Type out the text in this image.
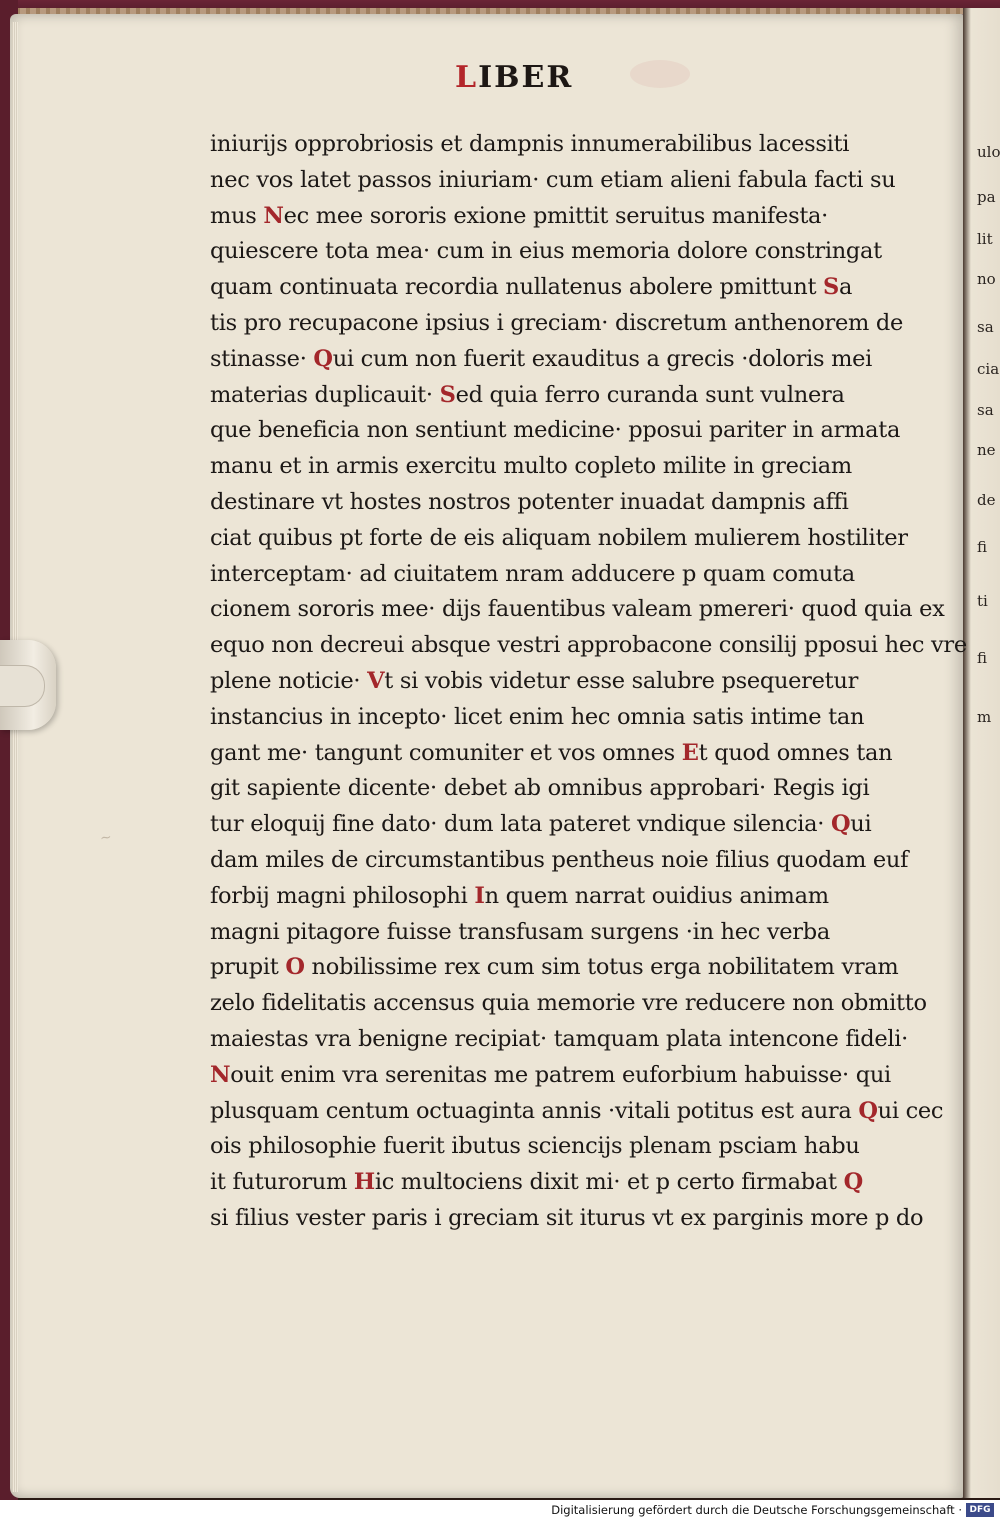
ulo
pa
lit
no
sa
cia
sa
ne
de
fi
ti
fi
m
~
LIBER
iniurijs opprobriosis et dampnis innumerabilibus lacessiti
nec vos latet passos iniuriam· cum etiam alieni fabula facti su
mus Nec mee sororis exione pmittit seruitus manifesta·
quiescere tota mea· cum in eius memoria dolore constringat
quam continuata recordia nullatenus abolere pmittunt Sa
tis pro recupacone ipsius i greciam· discretum anthenorem de
stinasse· Qui cum non fuerit exauditus a grecis ·doloris mei
materias duplicauit· Sed quia ferro curanda sunt vulnera
que beneficia non sentiunt medicine· pposui pariter in armata
manu et in armis exercitu multo copleto milite in greciam
destinare vt hostes nostros potenter inuadat dampnis affi
ciat quibus pt forte de eis aliquam nobilem mulierem hostiliter
interceptam· ad ciuitatem nram adducere p quam comuta
cionem sororis mee· dijs fauentibus valeam pmereri· quod quia ex
equo non decreui absque vestri approbacone consilij pposui hec vre
plene noticie· Vt si vobis videtur esse salubre psequeretur
instancius in incepto· licet enim hec omnia satis intime tan
gant me· tangunt comuniter et vos omnes Et quod omnes tan
git sapiente dicente· debet ab omnibus approbari· Regis igi
tur eloquij fine dato· dum lata pateret vndique silencia· Qui
dam miles de circumstantibus pentheus noie filius quodam euf
forbij magni philosophi In quem narrat ouidius animam
magni pitagore fuisse transfusam surgens ·in hec verba
prupit O nobilissime rex cum sim totus erga nobilitatem vram
zelo fidelitatis accensus quia memorie vre reducere non obmitto
maiestas vra benigne recipiat· tamquam plata intencone fideli·
Nouit enim vra serenitas me patrem euforbium habuisse· qui
plusquam centum octuaginta annis ·vitali potitus est aura Qui cec
ois philosophie fuerit ibutus sciencijs plenam psciam habu
it futurorum Hic multociens dixit mi· et p certo firmabat Q
si filius vester paris i greciam sit iturus vt ex parginis more p do
Digitalisierung gefördert durch die Deutsche Forschungsgemeinschaft · DFG
